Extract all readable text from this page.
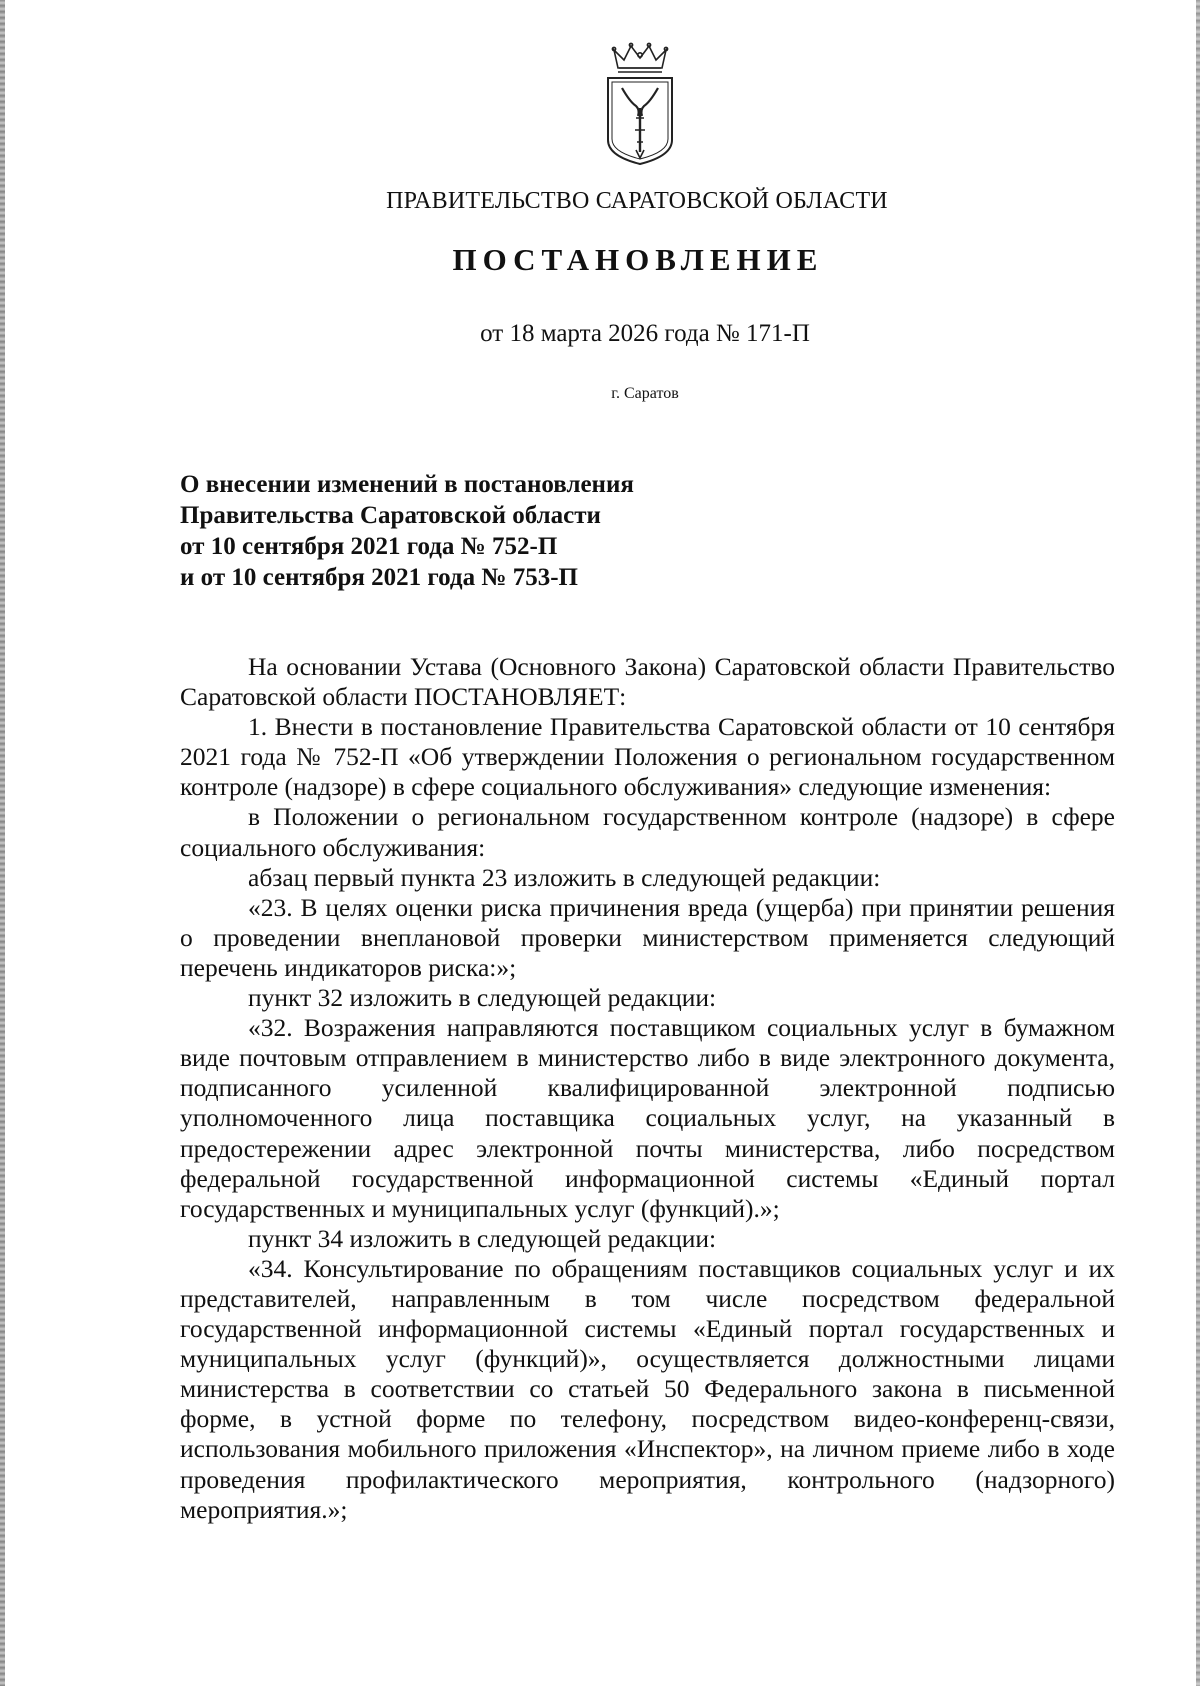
ПРАВИТЕЛЬСТВО САРАТОВСКОЙ ОБЛАСТИ
ПОСТАНОВЛЕНИЕ
от 18 марта 2026 года № 171-П
г. Саратов
О внесении изменений в постановления
Правительства Саратовской области
от 10 сентября 2021 года № 752-П
и от 10 сентября 2021 года № 753-П

На основании Устава (Основного Закона) Саратовской области Правительство Саратовской области ПОСТАНОВЛЯЕТ:

1. Внести в постановление Правительства Саратовской области от 10 сентября 2021 года № 752-П «Об утверждении Положения о региональном государственном контроле (надзоре) в сфере социального обслуживания» следующие изменения:

в Положении о региональном государственном контроле (надзоре) в сфере социального обслуживания:

абзац первый пункта 23 изложить в следующей редакции:

«23. В целях оценки риска причинения вреда (ущерба) при принятии решения о проведении внеплановой проверки министерством применяется следующий перечень индикаторов риска:»;

пункт 32 изложить в следующей редакции:

«32. Возражения направляются поставщиком социальных услуг в бумажном виде почтовым отправлением в министерство либо в виде электронного документа, подписанного усиленной квалифицированной электронной подписью уполномоченного лица поставщика социальных услуг, на указанный в предостережении адрес электронной почты министерства, либо посредством федеральной государственной информационной системы «Единый портал государственных и муниципальных услуг (функций).»;

пункт 34 изложить в следующей редакции:

«34. Консультирование по обращениям поставщиков социальных услуг и их представителей, направленным в том числе посредством федеральной государственной информационной системы «Единый портал государственных и муниципальных услуг (функций)», осуществляется должностными лицами министерства в соответствии со статьей 50 Федерального закона в письменной форме, в устной форме по телефону, посредством видео-конференц-связи, использования мобильного приложения «Инспектор», на личном приеме либо в ходе проведения профилактического мероприятия, контрольного (надзорного) мероприятия.»;
